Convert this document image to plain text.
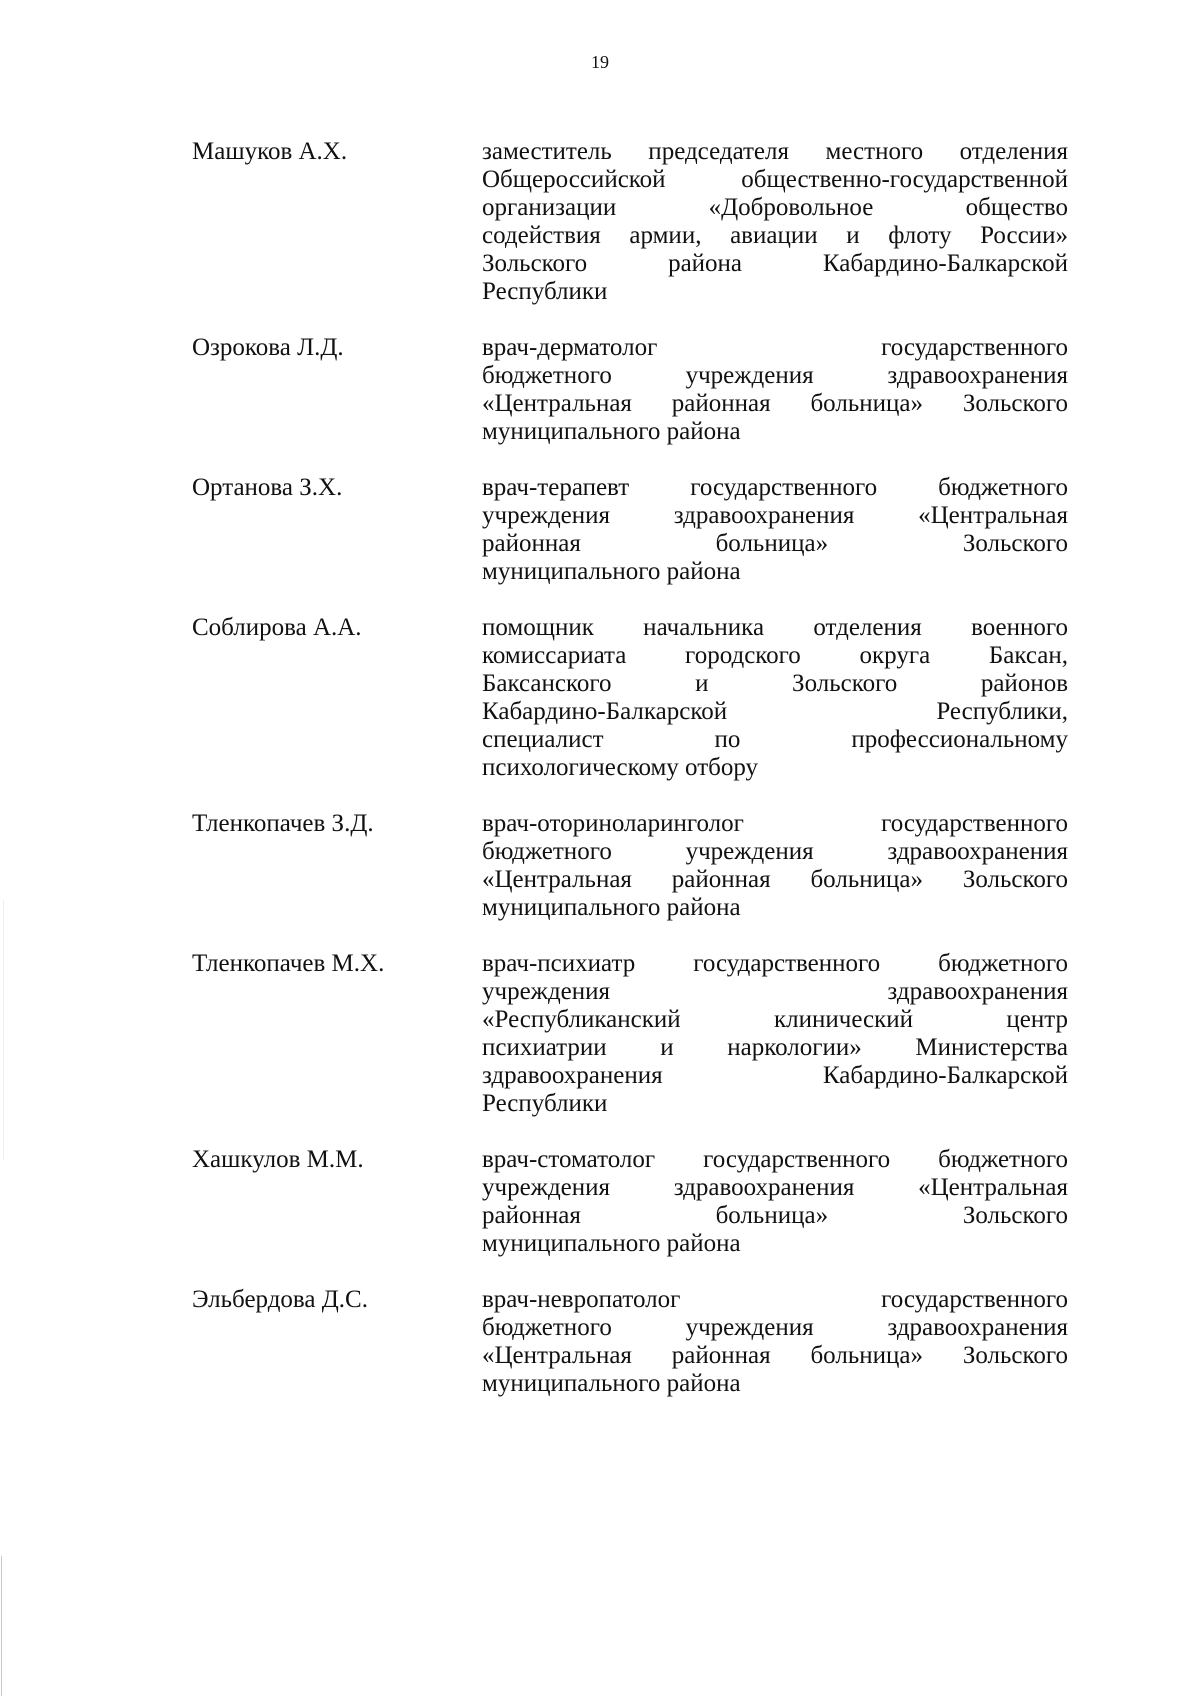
19
Машуков А.Х.	заместитель председателя местного отделения
Общероссийской общественно-государственной
организации «Добровольное общество
содействия армии, авиации и флоту России»
Зольского района Кабардино-Балкарской
Республики
Озрокова Л.Д.	врач-дерматолог государственного
бюджетного учреждения здравоохранения
«Центральная районная больница» Зольского
муниципального района
Ортанова З.Х.	врач-терапевт государственного бюджетного
учреждения здравоохранения «Центральная
районная больница» Зольского
муниципального района
Соблирова А.А.	помощник начальника отделения военного
комиссариата городского округа Баксан,
Баксанского и Зольского районов
Кабардино-Балкарской Республики,
специалист по профессиональному
психологическому отбору
Тленкопачев З.Д.	врач-оториноларинголог государственного
бюджетного учреждения здравоохранения
«Центральная районная больница» Зольского
муниципального района
Тленкопачев М.Х.	врач-психиатр государственного бюджетного
учреждения здравоохранения
«Республиканский клинический центр
психиатрии и наркологии» Министерства
здравоохранения Кабардино-Балкарской
Республики
Хашкулов М.М.	врач-стоматолог государственного бюджетного
учреждения здравоохранения «Центральная
районная больница» Зольского
муниципального района
Эльбердова Д.С.	врач-невропатолог государственного
бюджетного учреждения здравоохранения
«Центральная районная больница» Зольского
муниципального района
